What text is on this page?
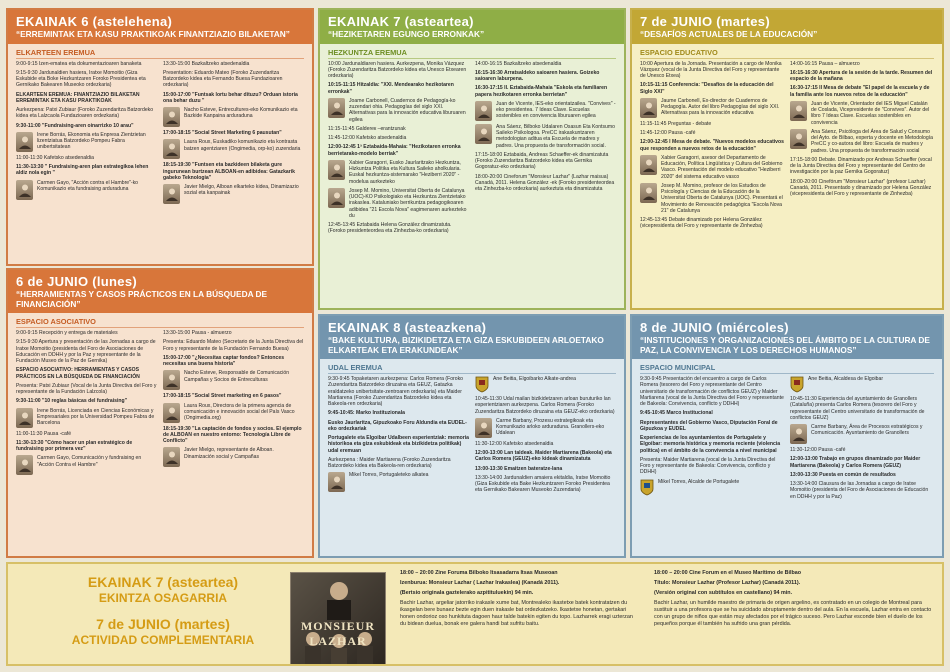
EKAINAK 6 (astelehena)
“ERREMINTAK ETA KASU PRAKTIKOAK FINANTZIAZIO BILAKETAN”
ELKARTEEN EREMUA
9:00-9:15 Izen-emateа eta dokumentazioaren banaketa
9:15-9:30 Jardunaldien hasiera, Iratxe Momoitio (Gizа Eskubide eta Boke Hezkuntzaren Foroko Presidentea eta Gernikako Bakearen Museoko ordezkaria)
ELKARTEEN EREMUA: FINANTZIAZIO BILAKETAN ERREMINTAK ETA KASU PRAKTIKOAK
Aurkezpena: Patxi Zubiaur (Foroko Zuzendaritza Batzordeko kidea eta Lalzcaola Fundazioaren ordezkaria)
9:30-11:00 "Fundraising-aren oinarrizko 10 arau"
Irene Borrás, Ekonomia eta Enpresa Zientzietan lizentziatua Batzordeko Pompeu Fabra unibertsitatean
11:00-11:30 Kafetsko atsedenaldia
11:30-13:30 " Fundraising-aren plan estrategikoa lehen aldiz nola egin "
Carmen Gayo, "Acción contra el Hambre"-ko Komunikazio eta fundraising arduraduna
13:30-15:00 Bazkaltzeko atsedenaldia
Presentation: Eduardo Mateo (Foroko Zuzendaritza Batzordeko kidea eta Fernando Buesa Fundazioaren ordezkaria)
15:00-17:00 "Funtsak lortu behar dituzu? Orduan istoria ona behar duzu "
Nacho Esteve, Entrecultures-eko Komunikazio eta Bazkide Kanpaina arduraduna
17:00-18:15 "Social Street Marketing 6 pausutan"
Laura Roux, Euskadiko komunikazio eta kontrasta batzen agentziaren (Ongimedia, orp-ko) zuzendaria
18:15-19:30 "Funtsen eta bazkideen bilaketa gure ingurunean burtzean ALBOAN-en adibidea: Gatazkarik gabeko Teknologia"
Javier Mielgo, Alboan elkarteko kidea, Dinamizazio sozial eta kanpainak
6 de JUNIO (lunes)
“HERRAMIENTAS Y CASOS PRÁCTICOS EN LA BÚSQUEDA DE FINANCIACIÓN”
ESPACIO ASOCIATIVO
9:00-9:15 Recepción y entrega de materiales
9:15-9:30 Apertura y presentación de las Jornadas a cargo de Iratxe Momoitio (presidenta del Foro de Asociaciones de Educación en DDHH y por la Paz y representante de la Fundación Museo de la Paz de Gernika)
ESPACIO ASOCIATIVO: HERRAMIENTAS Y CASOS PRÁCTICOS EN LA BÚSQUEDA DE FINANCIACIÓN
Presenta: Patxi Zubiaur (Vocal de la Junta Directiva del Foro y representante de la Fundación Lalzcola)
9:30-11:00 "10 reglas básicas del fundraising"
Irene Borrás, Licenciada en Ciencias Económicas y Empresariales por la Universidad Pompeu Fabra de Barcelona
11:00-11:30 Pausa -café
11:30-13:30 "Cómo hacer un plan estratégico de fundraising por primera vez"
Carmen Gayo, Comunicación y fundraising en "Acción Contra el Hambre"
13:30-15:00 Pausa - almuerzo
Presenta: Eduardo Mateo (Secretario de la Junta Directiva del Foro y representante de la Fundación Fernando Buesa)
15:00-17:00 "¿Necesitas captar fondos? Entonces necesitas una buena historia"
Nacho Esteve, Responsable de Comunicación Campañas y Socios de Entreculturas
17:00-18:15 "Social Street marketing en 6 pasos"
Laura Roux, Directora de la primera agencia de comunicación e innovación social del País Vasco (Ongimedia.org)
18:15-19:30 "La captación de fondos y socios. El ejemplo de ALBOAN en nuestro entorno: Tecnología Libre de Conflicto"
Javier Mielgo, representante de Alboan. Dinamización social y Campañas
EKAINAK 7 (asteartea)
“HEZIKETAREN EGUNGO ERRONKAK”
HEZKUNTZA EREMUA
10:00 Jardunaldiaren hasiera. Aurkezpena, Monika Vázquez (Foroko Zuzendaritza Batzordeko kidea eta Unesco Etxearen ordezkaria)
10:15-11:15 Hitzaldia: "XXI. Mendearako hezikotaren erronkak"
Joame Carbonell, Cuadernos de Pedagogía-ko zuzendari ohia. Pedagogías del siglo XXI. Alternativas para la innovación educativa liburuaren egilea
11:15-11:45 Galdereк –erantzunak
11:45-12:00 Kafetsko atsedenaldia
12:00-12:45 1ª Eztabaida-Mahaia: "Hezikotaren erronka berrietarako-modelo berriak"
Xabier Garagorri, Euskо Jaurlaritzako Hezkuntza, Hizkuntza Politika eta Kultura Saileko aholkularia. Euskal hezkuntza-sistemarako "Heziberri 2020" -modeluа aurkezteko
Josep M. Momino, Universitat Oberta de Catalunya (UOC)-KO Psikologiako eta Hezkuntza Zientzietako irakaslea. Kataluniako berrikuntza pedagogikoaren adibidea "21 Escola Nova" eagimenaren aurkezteko du
12:45-13:45 Eztabaida Helena González dinamizatuta. (Foroko presidenteordea eta Zinhezba-ko ordezkaria)
14:00-16:15 Bazkaltzeko atsedenaldia
16:15-16:30 Arratsaldeko saioaren hasiera. Goizeko saioaren laburpena.
16:30-17:15 II. Eztabaida-Mahaia "Eskola eta familiaren papera hezikotaren erronka berrietan"
Juan de Vicente, IES-eko orientatzailea. "Convives" -eko presidentea. 7 Ideas Clave. Escuelas sostenibles en convivencia liburuaren egilea
Ana Sáenz, Bilboko Udalaren Osasun Eta Kontsumo Saileko Psikologoa. PreCC irakaskuntzaren metodologian adituа eta Escuela de madres y padres. Una propuesta de transformación social.
17:15-18:00 Eztabaida, Andreas Schaeffer-ek dinamizatuta (Foroko Zuzendaritza Batzordeko kidea eta Gernika Gogoratuz-eko ordezkaria)
18:00-20:00 Cineforum "Monsieur Lazhar" (Lazhar maisua) Canadá, 2011. Helena González -ek (Foroko presidenteordea eta Zinhezba-ko ordezkaria) aurkeztuta eta dinamizatuta
7 de JUNIO (martes)
“DESAFÍOS ACTUALES DE LA EDUCACIÓN”
ESPACIO EDUCATIVO
10:00 Apertura de la Jornada. Presentación a cargo de Monika Vázquez (vocal de la Junta Directiva del Foro y representante de Unesco Etxea)
10:15-11:15 Conferencia: "Desafíos de la educación del Siglo XXI"
Jaume Carbonell, Ex-director de Cuadernos de Pedagogía. Autor del libro Pedagogías del siglo XXI. Alternativas para la innovación educativa
11:15-11:45 Preguntas - debate
11:45-12:00 Pausa -café
12:00-12:45 I Mesa de debate. "Nuevos modelos educativos que responden a nuevos retos de la educación"
Xabier Garagorri, asesor del Departamento de Educación, Política Lingüística y Cultura del Gobierno Vasco. Presentación del modelo educativo "Heziberri 2020" del sistema educativo vasco
Josep M. Momino, profesor de los Estudios de Psicología y Ciencias de la Educación de la Universitat Oberta de Catalunya (UOC). Presentará el Movimiento de Renovación pedagógica "Escola Nova 21" de Catalunya
12:45-13:45 Debate dinamizado por Helena González (vicepresidenta del Foro y representante de Zinhezba)
14:00-16:15 Pausa – almuerzo
16:15-16:30 Apertura de la sesión de la tarde. Resumen del espacio de la mañana
16:30-17:15 II Mesa de debate "El papel de la escuela y de la familia ante los nuevos retos de la educación"
Juan de Vicente, Orientador del IES Miguel Catalán de Coslada, Vicepresidente de "Convives". Autor del libro 7 Ideas Clave. Escuelas sostenibles en convivencia
Ana Sáenz, Psicóloga del Área de Salud y Consumo del Ayto. de Bilbao, experta y docente en Metodología PreCC y co-autora del libro: Escuela de madres y padres. Una propuesta de transformación social
17:15-18:00 Debate. Dinamizado por Andreas Schaeffer (vocal de la Junta Directiva del Foro y representante del Centro de investigación por la paz Gernika Gogoratuz)
18:00-20:00 Cinefórum "Monsieur Lazhar" (profesor Lazhar) Canadá, 2011. Presentado y dinamizado por Helena González (vicepresidenta del Foro y representante de Zinhezba)
EKAINAK 8 (asteazkena)
“BAKE KULTURA, BIZIKIDETZA ETA GIZA ESKUBIDEEN ARLOETAKO ELKARTEAK ETA ERAKUNDEAK”
UDAL EREMUA
9:30-9:45 Topaketaren aurkezpena: Carlos Romera (Foroko Zuzendaritza Batzordeko diruzaina eta GEUZ, Gatazka eraldatzeko unibertsitate-zentroaren ordezkaria) eta Maider Martiarena (Foroko Zuzendaritza Batzordeko kidea eta Bakeola-ren ordezkaria)
9:45-10:45: Marko Instituzionala
Euskо Jaurlaritza, Gipuzkoako Foru Aldundia eta EUDEL-eko ordezkariak
Portugalete eta Elgoibar Udalbeеn esperientziak: memoria historikoa eta giza eskubideak eta bizikidetza politikak) udal eremuan
Aurkezpena : Maider Martiarena (Foroko Zuzendaritza Batzordeko kidea eta Bakeola-ren ordezkaria)
Mikel Torres, Portugaleteko alkatea
Ane Beitia, Elgoibarko Alkate-andrea
10:45-11:30 Udal mailan bizikidetzaren arloan buruturiko lan esperientziaren aurkezpena. Carlos Romera (Foroko Zuzendaritza Batzordeko diruzaina eta GEUZ-eko ordezkaria)
Carme Barbany, Prozesu estrategikoak eta Komunikazio arloko arduraduna. Granollers-eko Udalean
11:30-12:00 Kafetsko atsedenaldia
12:00-13:00 Lan taldeak. Maider Martiarena (Bakeola) eta Carlos Romera (GEUZ)-eko kideak dinamizatuta
13:00-13:30 Emaitzen bateratze-lana
13:30-14:00 Jardunaldien amaiera ekitaldia, Iratxe Momoitio (Giza Eskubide eta Bake Hezkuntzaren Foroko Presidentea eta Gernikako Bakearen Museoko Zuzendaria)
8 de JUNIO (miércoles)
“INSTITUCIONES Y ORGANIZACIONES DEL ÁMBITO DE LA CULTURA DE PAZ, LA CONVIVENCIA Y LOS DERECHOS HUMANOS”
ESPACIO MUNICIPAL
9:30-9:45 Presentación del encuentro a cargo de Carlos Romera (tesorero del Foro y representante del Centro universitario de transformación de conflictos GEUZ) y Maider Martiarena (vocal de la Junta Directiva del Foro y representante de Bakeola: Convivencia, conflicto y DDHH)
9:45-10:45 Marco Institucional
Representantes del Gobierno Vasco, Diputación Foral de Gipuzkoa y EUDEL
Experiencias de los ayuntamientos de Portugalete y Elgoibar: memoria histórica y memoria reciente (violencia política) en el ámbito de la convivencia a nivel municipal
Presenta: Maider Martiarena (vocal de la Junta Directiva del Foro y representante de Bakeola: Convivencia, conflicto y DDHH)
Mikel Torres, Alcalde de Portugalete
Ane Beitia, Alcaldesa de Elgoibar
10:45-11:30 Experiencia del ayuntamiento de Granollers (Cataluña) presenta Carlos Romera (tesorero del Foro y representante del Centro universitario de transformación de conflictos GEUZ)
Carme Barbany, Área de Procesos estratégicos y Comunicación. Ayuntamiento de Granollers
11:30-12:00 Pausa -café
12:00-13:00 Trabajo en grupos dinamizado por Maider Martiarena (Bakeola) y Carlos Romera (GEUZ)
13:00-13:30 Puesta en común de resultados
13:30-14:00 Clausura de las Jornadas a cargo de Iratxe Momoitio (presidenta del Foro de Asociaciones de Educación en DDHH y por la Paz)
EKAINAK 7 (asteartea)
EKINTZA OSAGARRIA
7 de JUNIO (martes)
ACTIVIDAD COMPLEMENTARIA
MONSIEUR LAZHAR

18:00 – 20:00 Zine Foruma Bilboko Itsasadarra Itsas Museoan

Izenburua: Monsieur Lazhar ( Lazhar Irakaslea) (Kanadá 2011).

(Bertsio originala gaztelerako azpitituluekin) 94 min.

Bachir Lazhar, argeliar jatorriko irakasle xume bat, Montrealeko ikastetxe batek kontratatzen du ikasgelan bere bunaez bezte egin duen irakasle bat ordezkatzeko. Ikastetxe honetan, gertakari honen ondorioz oso hunkituta dagoen haur talde batekin egiten du topo. Lazharrek eragi uzterzan du bidean dueluа, bonak ere galera handi bat sufritu baitu.

18:00 – 20:00 Cine Forum en el Museo Marítimo de Bilbao

Título: Monsieur Lazhar (Profesor Lazhar) (Canadá 2011).

(Versión original con subtítulos en castellano) 94 min.

Bachir Lazhar, un humilde maestro de primaria de origen argelino, es contratado en un colegio de Montreal para sustituir a una profesora que se ha suicidado abruptamente dentro del aula. En la escuela, Lazhar entra en contacto con un grupo de niños que están muy afectados por el trágico suceso. Pero Lazhar esconde bien el duelo de los pequeños porque él también ha sufrido una gran pérdida.
